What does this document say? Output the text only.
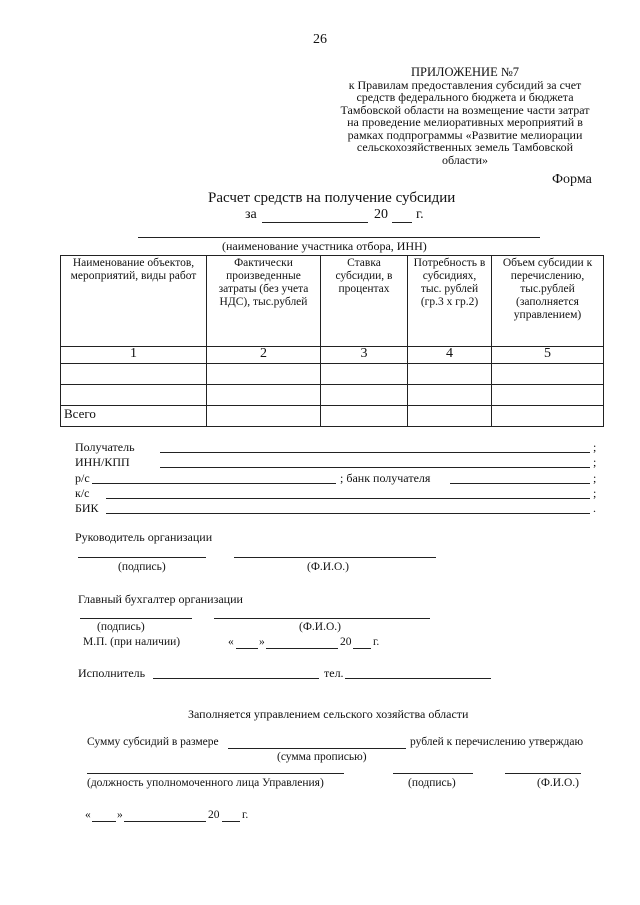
26
ПРИЛОЖЕНИЕ №7
к Правилам предоставления субсидий за счет
средств федерального бюджета и бюджета
Тамбовской области на возмещение части затрат
на проведение мелиоративных мероприятий в
рамках подпрограммы «Развитие мелиорации
сельскохозяйственных земель Тамбовской
области»
Форма
Расчет средств на получение субсидии
за	20 г.
(наименование участника отбора, ИНН)
Наименование объектов, мероприятий, виды работ	Фактически произведенные затраты (без учета НДС), тыс.рублей	Ставка субсидии, в процентах	Потребность в субсидиях, тыс. рублей (гр.3 х гр.2)	Объем субсидии к перечислению, тыс.рублей (заполняется управлением)
1	2	3	4	5

Всего				
Получатель	;
ИНН/КПП	;
р/с	; банк получателя	;
к/с	;
БИК	.
Руководитель организации
(подпись)	(Ф.И.О.)
Главный бухгалтер организации
(подпись)	(Ф.И.О.)
М.П. (при наличии)	« »	20 г.
Исполнитель	тел.
Заполняется управлением сельского хозяйства области
Сумму субсидий в размере	рублей к перечислению утверждаю
(сумма прописью)
(должность уполномоченного лица Управления)	(подпись)	(Ф.И.О.)
« »	20 г.
